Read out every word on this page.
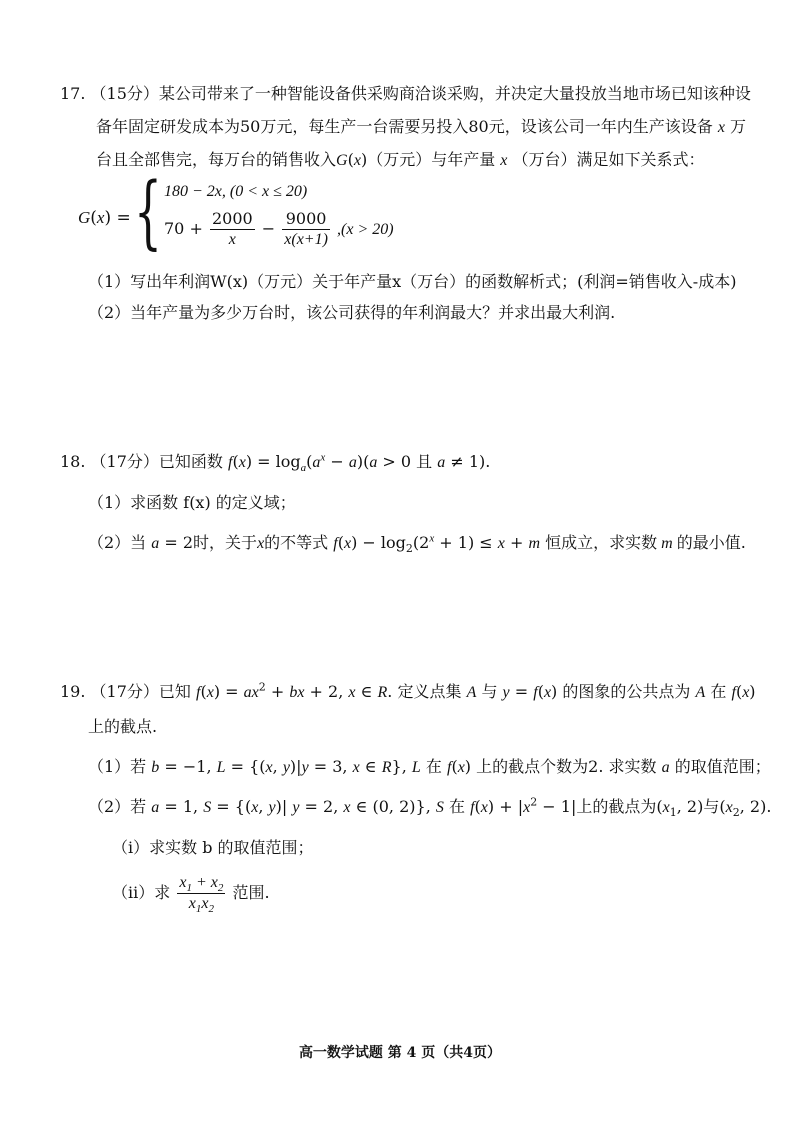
17. （15分）某公司带来了一种智能设备供采购商洽谈采购，并决定大量投放当地市场已知该种设
备年固定研发成本为50万元，每生产一台需要另投入80元，设该公司一年内生产该设备 x 万
台且全部售完，每万台的销售收入G(x)（万元）与年产量 x （万台）满足如下关系式：
G(x) = { 180 − 2x, (0 < x ≤ 20)
$70 + \frac{2000}{x} - \frac{9000}{x(x+1)} ,(x > 20)$
（1）写出年利润W(x)（万元）关于年产量x（万台）的函数解析式；(利润=销售收入-成本)
（2）当年产量为多少万台时，该公司获得的年利润最大？并求出最大利润.
18. （17分）已知函数 $f(x) = \log_a(a^x - a)(a > 0$ 且 a ≠ 1).
（1）求函数 f(x) 的定义域；
（2）当 a = 2时，关于x的不等式 $f(x) - \log_2(2^x + 1) \le x + m$ 恒成立，求实数 m 的最小值.
19. （17分）已知 $f(x) = ax^2$ + bx + 2, x ∈ R. 定义点集 A 与 y = f(x) 的图象的公共点为 A 在 f(x)
上的截点.
（1）若 b = −1, L = {(x, y)|y = 3, x ∈ R}, L 在 f(x) 上的截点个数为2. 求实数 a 的取值范围；
（2）若 a = 1, S = {(x, y)| y = 2, x ∈ (0, 2)}, S 在 $f(x) + |x^2 - 1|$上的截点为($x_1$, 2)与($x_2$, 2).
（i）求实数 b 的取值范围；
（ii）求 $\frac{x_1 + x_2}{x_1x_2}$ 范围.
高一数学试题 第 4 页（共4页）
